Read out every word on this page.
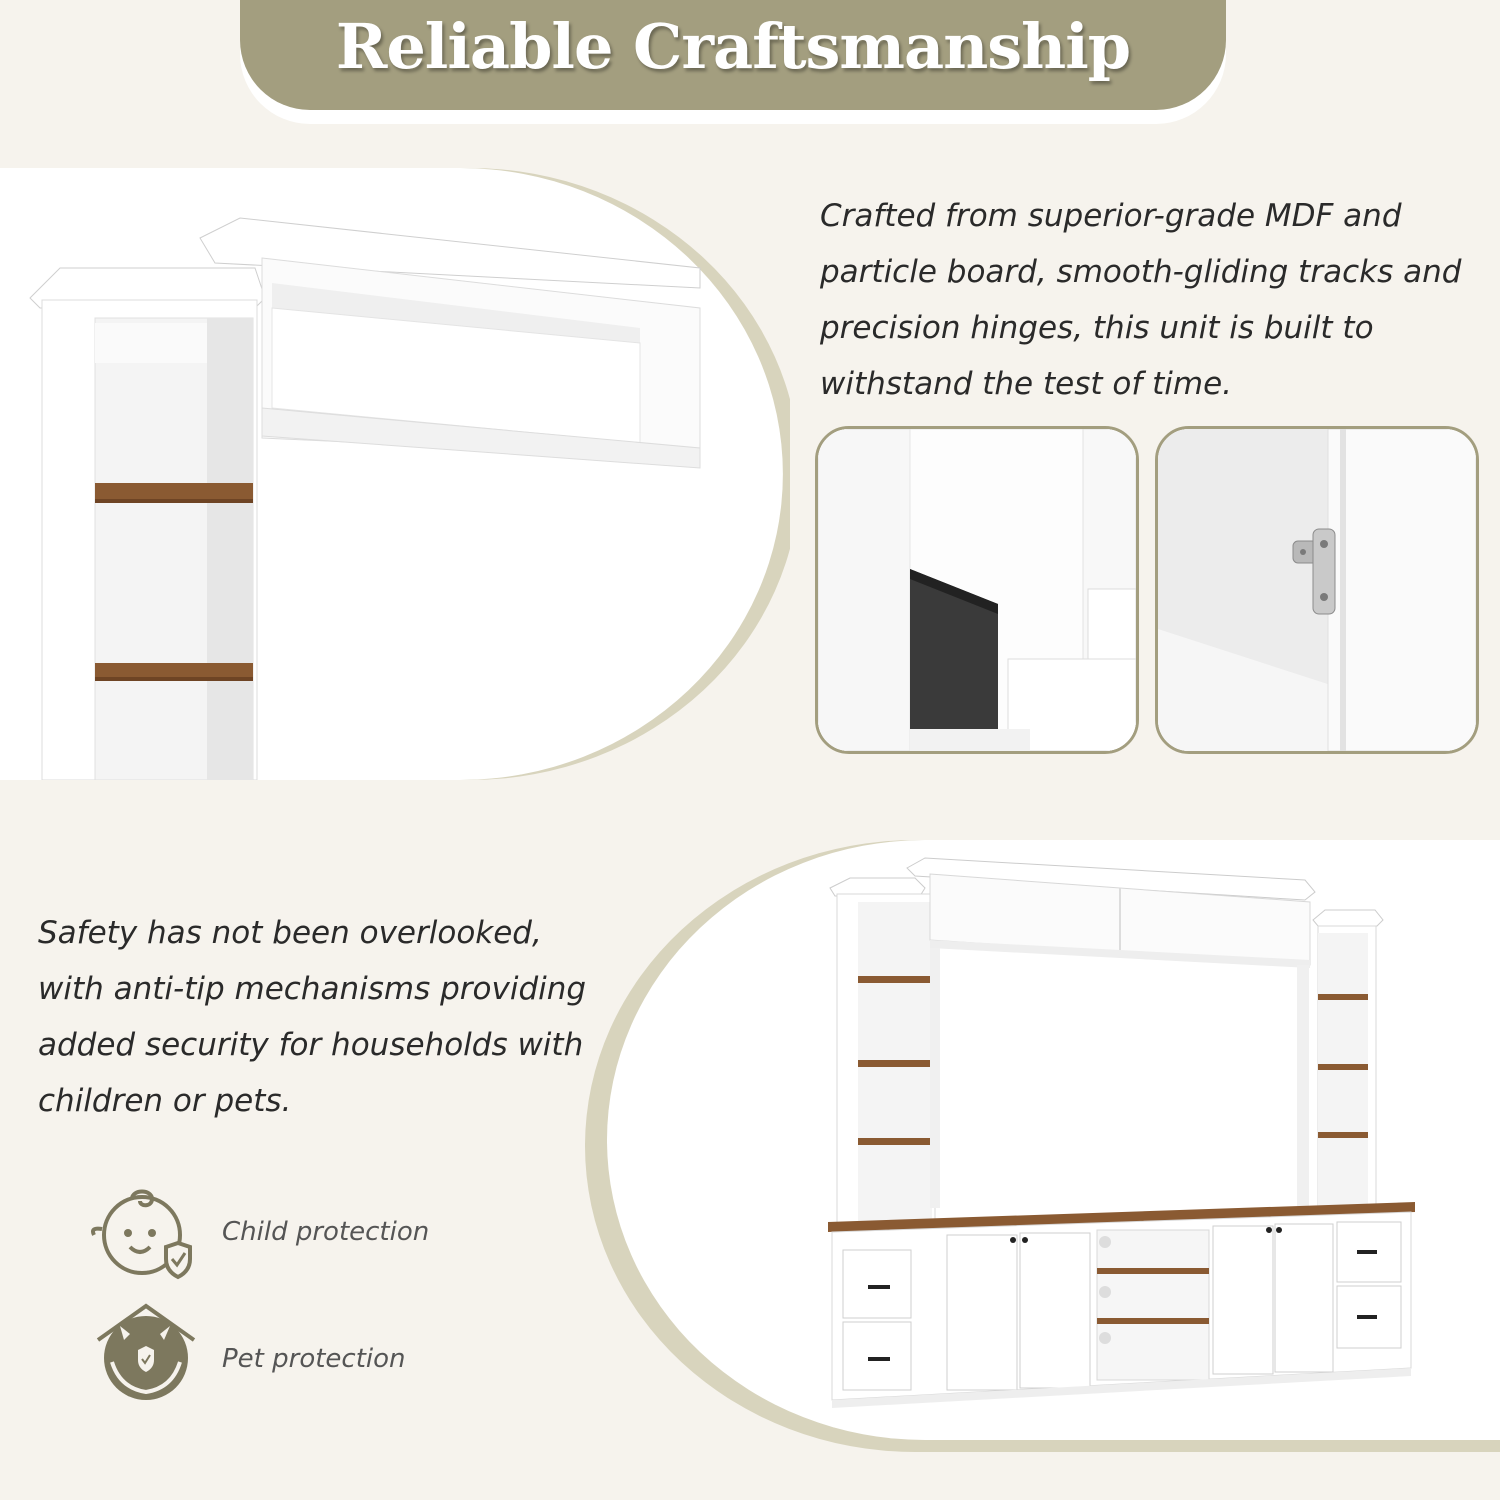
Reliable Craftsmanship

Crafted from superior-grade MDF and particle board, smooth-gliding tracks and precision hinges, this unit is built to withstand the test of time.

Safety has not been overlooked, with anti-tip mechanisms providing added security for households with children or pets.

Child protection
Pet protection
